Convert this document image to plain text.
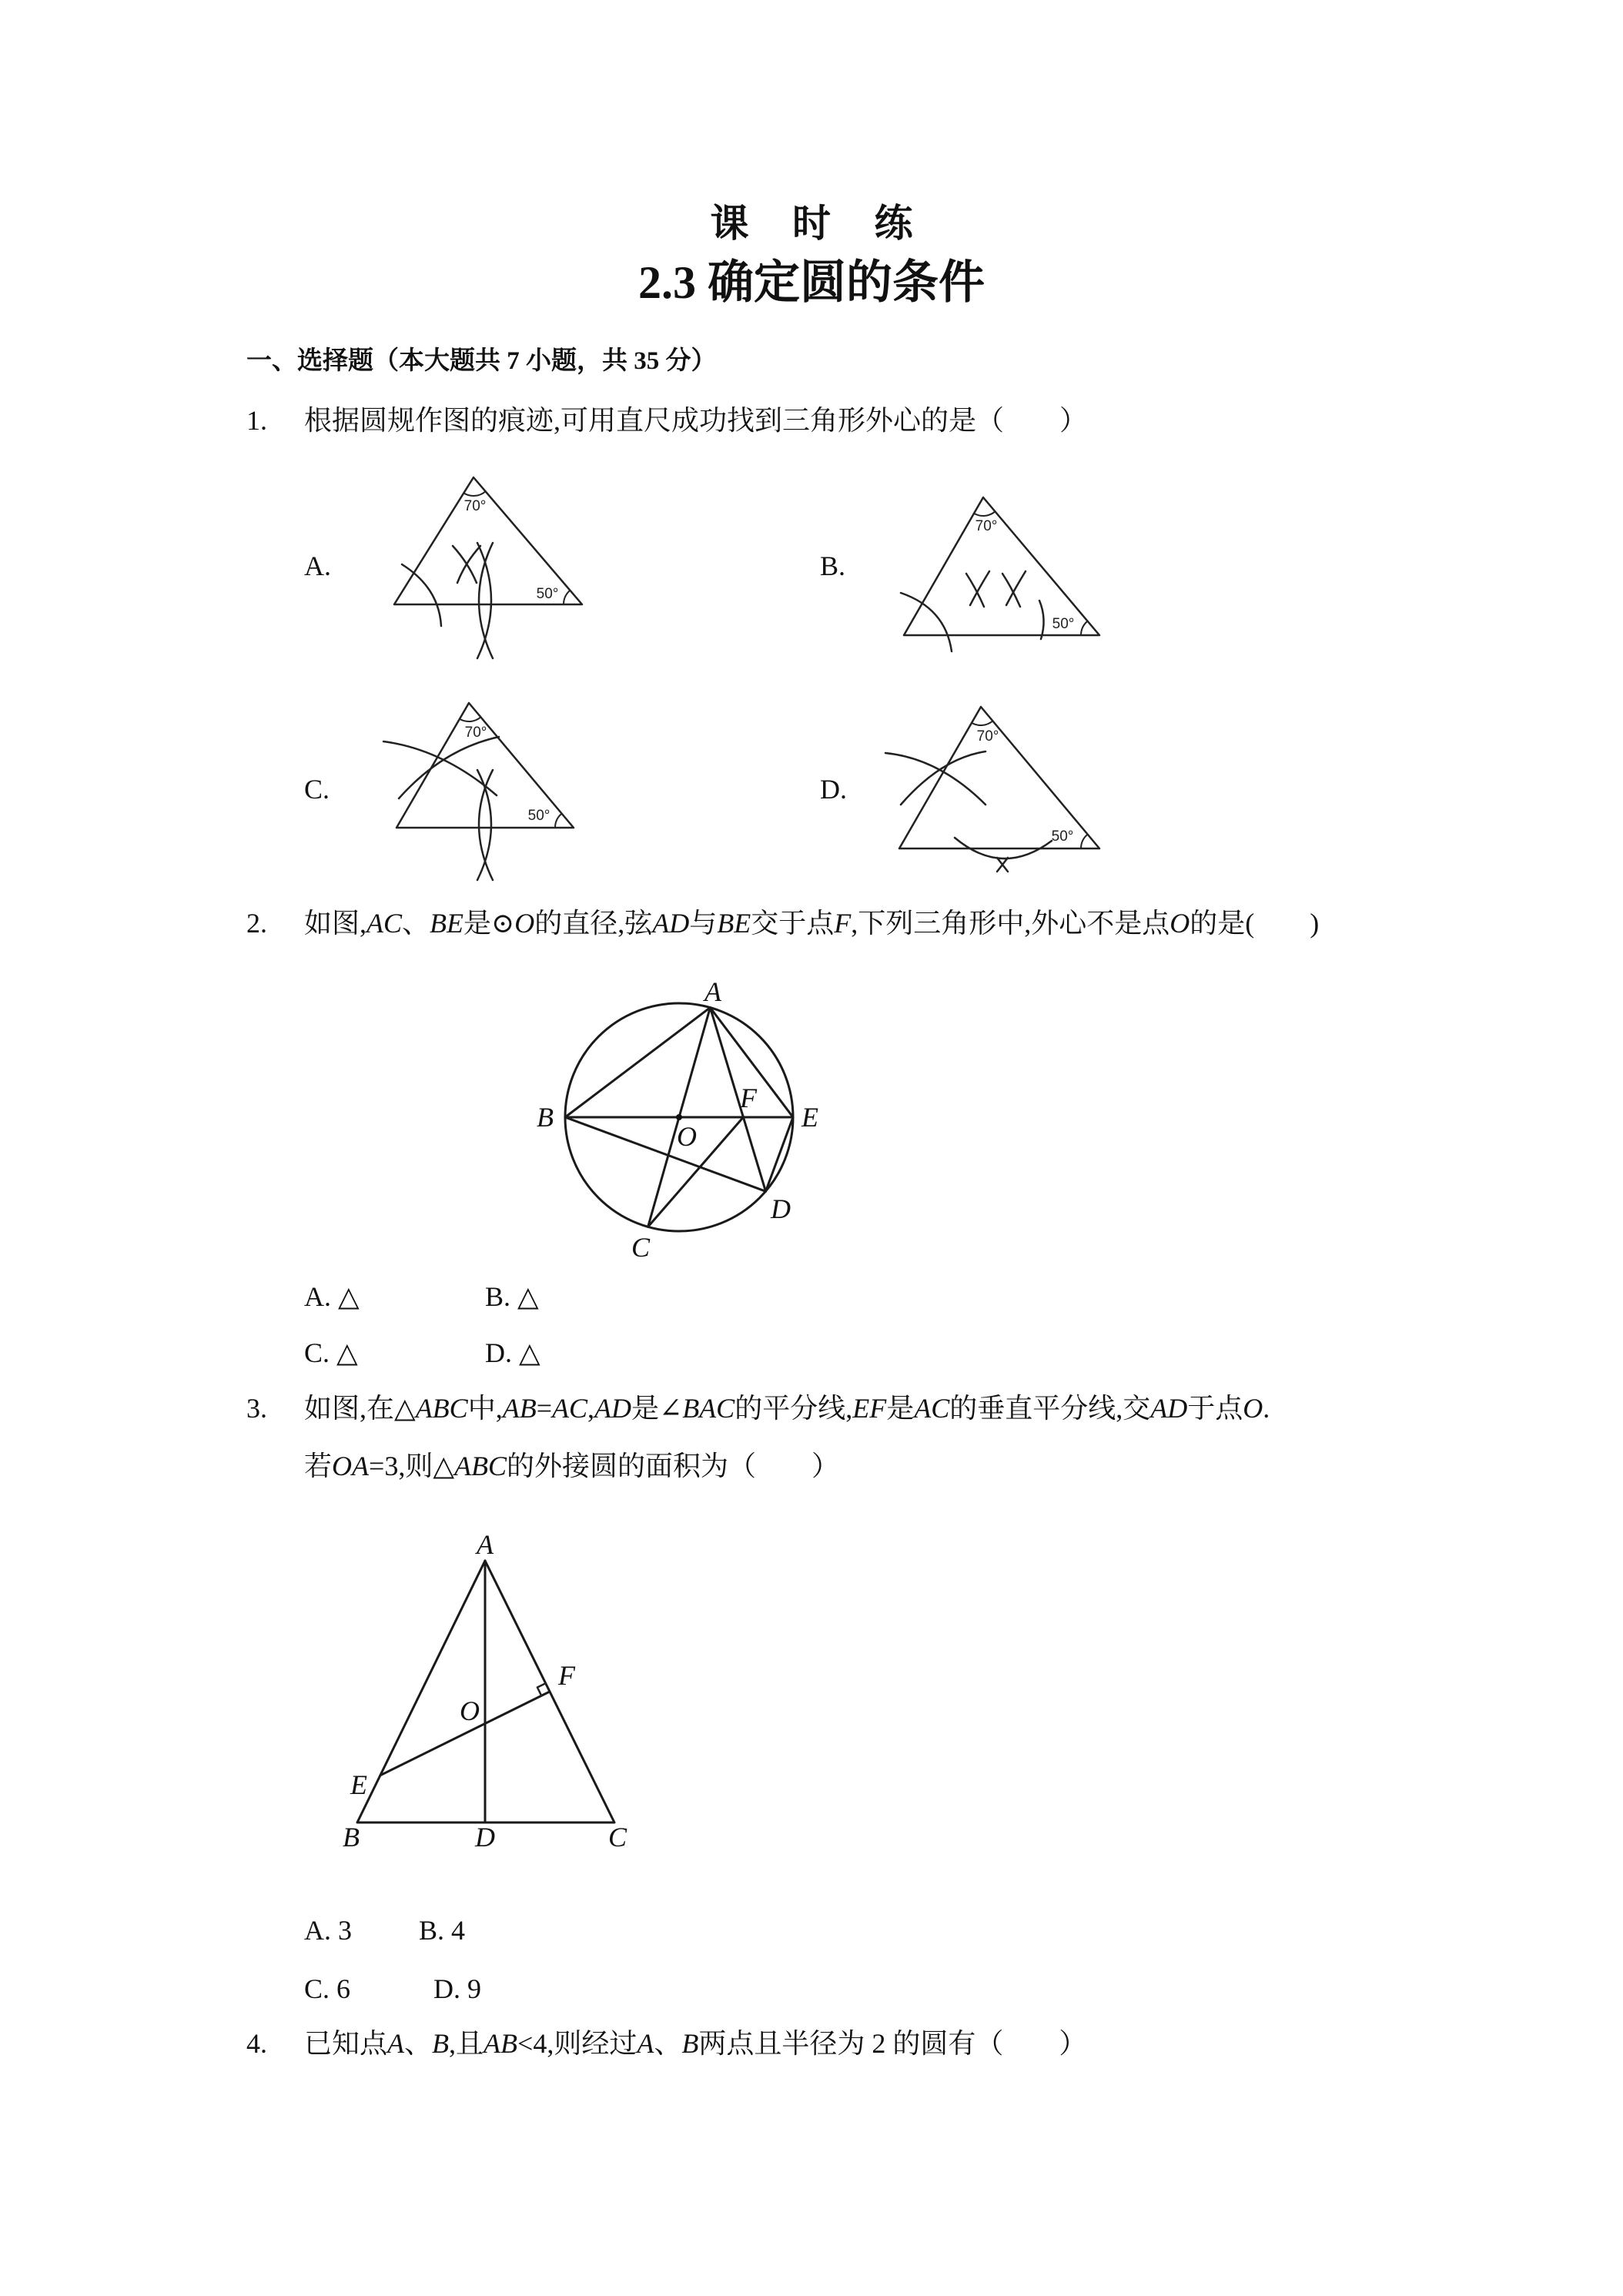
课 时 练
2.3 确定圆的条件
一、选择题（本大题共 7 小题，共 35 分）
1. 根据圆规作图的痕迹,可用直尺成功找到三角形外心的是（　　）
A.	B.
C.	D.
70°
50°
70°
50°
70°
50°
70°
50°
2. 如图,AC、BE是⊙O的直径,弦AD与BE交于点F,下列三角形中,外心不是点O的是(　　)
A
B	E
O
F
D
C
A. △	B. △
C. △	D. △
3. 如图,在△ABC中,AB=AC,AD是∠BAC的平分线,EF是AC的垂直平分线,交AD于点O.
若OA=3,则△ABC的外接圆的面积为（　　）
A
B	D	C
E
F
O
A. 3 B. 4
C. 6	D. 9
4. 已知点A、B,且AB<4,则经过A、B两点且半径为 2 的圆有（　　）
